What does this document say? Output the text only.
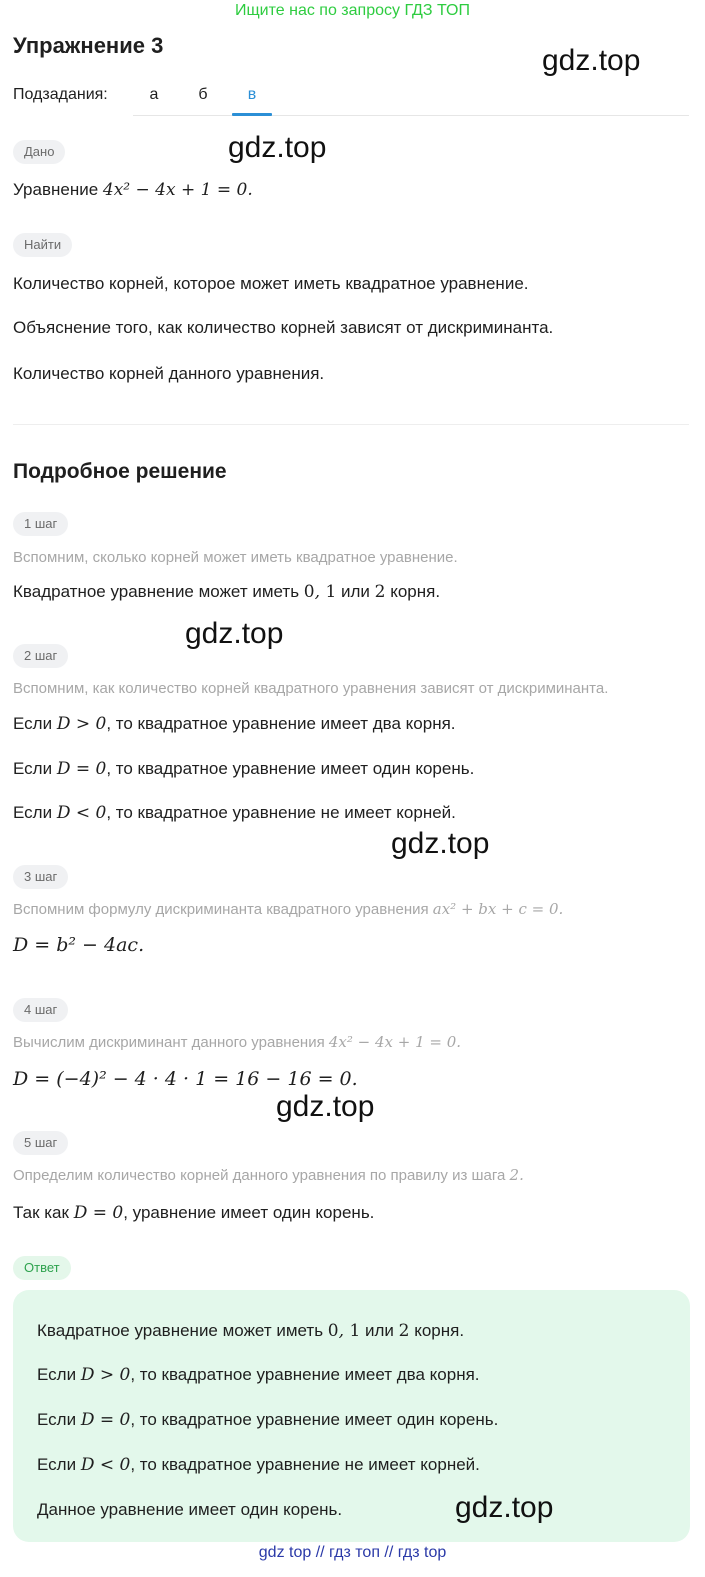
Ищите нас по запросу ГДЗ ТОП
Упражнение 3	gdz.top
Подзадания:	а	б	в
Дано	gdz.top
Уравнение 4x² − 4x + 1 = 0.
Найти
Количество корней, которое может иметь квадратное уравнение.
Объяснение того, как количество корней зависят от дискриминанта.
Количество корней данного уравнения.
Подробное решение
1 шаг
Вспомним, сколько корней может иметь квадратное уравнение.
Квадратное уравнение может иметь 0, 1 или 2 корня.
gdz.top
2 шаг
Вспомним, как количество корней квадратного уравнения зависят от дискриминанта.
Если D > 0, то квадратное уравнение имеет два корня.
Если D = 0, то квадратное уравнение имеет один корень.
Если D < 0, то квадратное уравнение не имеет корней.
gdz.top
3 шаг
Вспомним формулу дискриминанта квадратного уравнения ax² + bx + c = 0.
D = b² − 4ac.
4 шаг
Вычислим дискриминант данного уравнения 4x² − 4x + 1 = 0.
D = (−4)² − 4 · 4 · 1 = 16 − 16 = 0.
gdz.top
5 шаг
Определим количество корней данного уравнения по правилу из шага 2.
Так как D = 0, уравнение имеет один корень.
Ответ
Квадратное уравнение может иметь 0, 1 или 2 корня.
Если D > 0, то квадратное уравнение имеет два корня.
Если D = 0, то квадратное уравнение имеет один корень.
Если D < 0, то квадратное уравнение не имеет корней.
Данное уравнение имеет один корень.	gdz.top
gdz top // гдз топ // гдз top
